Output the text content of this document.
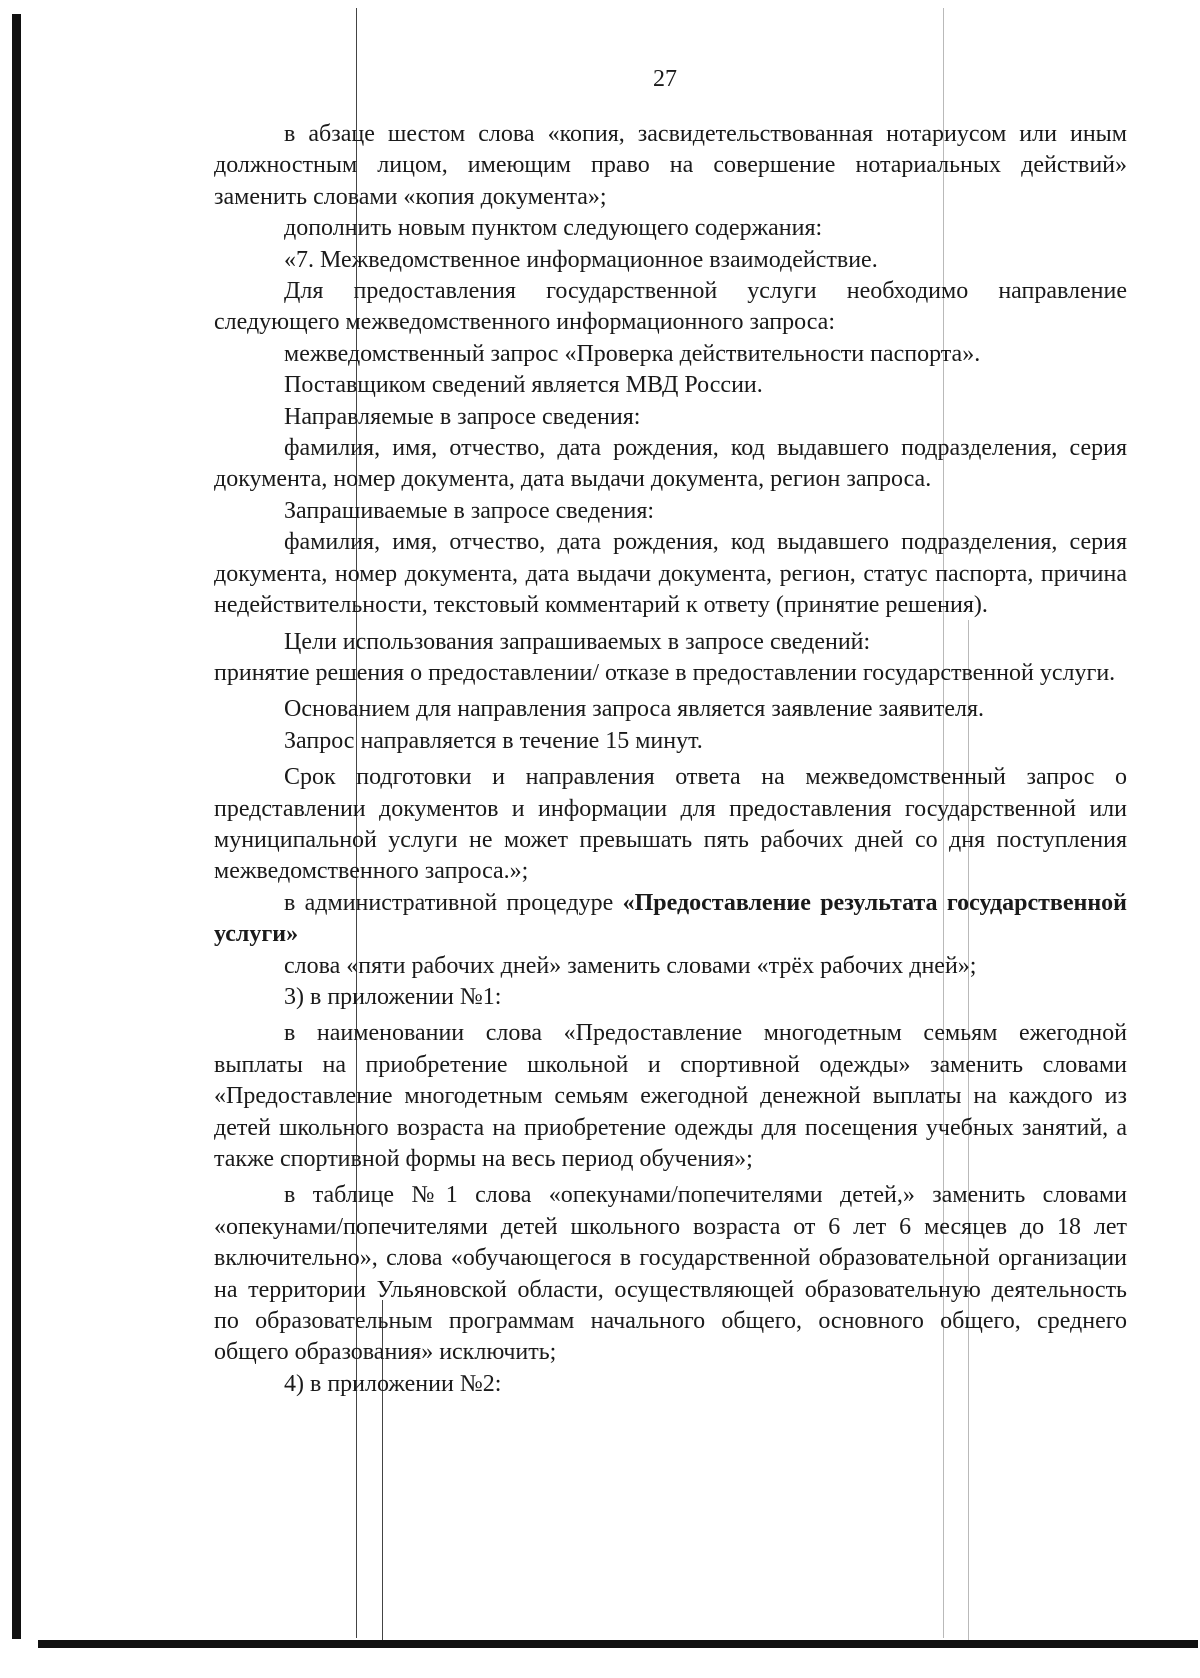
27

в абзаце шестом слова «копия, засвидетельствованная нотариусом или иным должностным лицом, имеющим право на совершение нотариальных действий» заменить словами «копия документа»;

дополнить новым пунктом следующего содержания:

«7. Межведомственное информационное взаимодействие.

Для предоставления государственной услуги необходимо направление следующего межведомственного информационного запроса:

межведомственный запрос «Проверка действительности паспорта».

Поставщиком сведений является МВД России.

Направляемые в запросе сведения:

фамилия, имя, отчество, дата рождения, код выдавшего подразделения, серия документа, номер документа, дата выдачи документа, регион запроса.

Запрашиваемые в запросе сведения:

фамилия, имя, отчество, дата рождения, код выдавшего подразделения, серия документа, номер документа, дата выдачи документа, регион, статус паспорта, причина недействительности, текстовый комментарий к ответу (принятие решения).

Цели использования запрашиваемых в запросе сведений:

принятие решения о предоставлении/ отказе в предоставлении государственной услуги.

Основанием для направления запроса является заявление заявителя.

Запрос направляется в течение 15 минут.

Срок подготовки и направления ответа на межведомственный запрос о представлении документов и информации для предоставления государственной или муниципальной услуги не может превышать пять рабочих дней со дня поступления межведомственного запроса.»;

в административной процедуре «Предоставление результата государственной услуги»

слова «пяти рабочих дней» заменить словами «трёх рабочих дней»;

3) в приложении №1:

в наименовании слова «Предоставление многодетным семьям ежегодной выплаты на приобретение школьной и спортивной одежды» заменить словами «Предоставление многодетным семьям ежегодной денежной выплаты на каждого из детей школьного возраста на приобретение одежды для посещения учебных занятий, а также спортивной формы на весь период обучения»;

в таблице №1 слова «опекунами/попечителями детей,» заменить словами «опекунами/попечителями детей школьного возраста от 6 лет 6 месяцев до 18 лет включительно», слова «обучающегося в государственной образовательной организации на территории Ульяновской области, осуществляющей образовательную деятельность по образовательным программам начального общего, основного общего, среднего общего образования» исключить;

4) в приложении №2:
